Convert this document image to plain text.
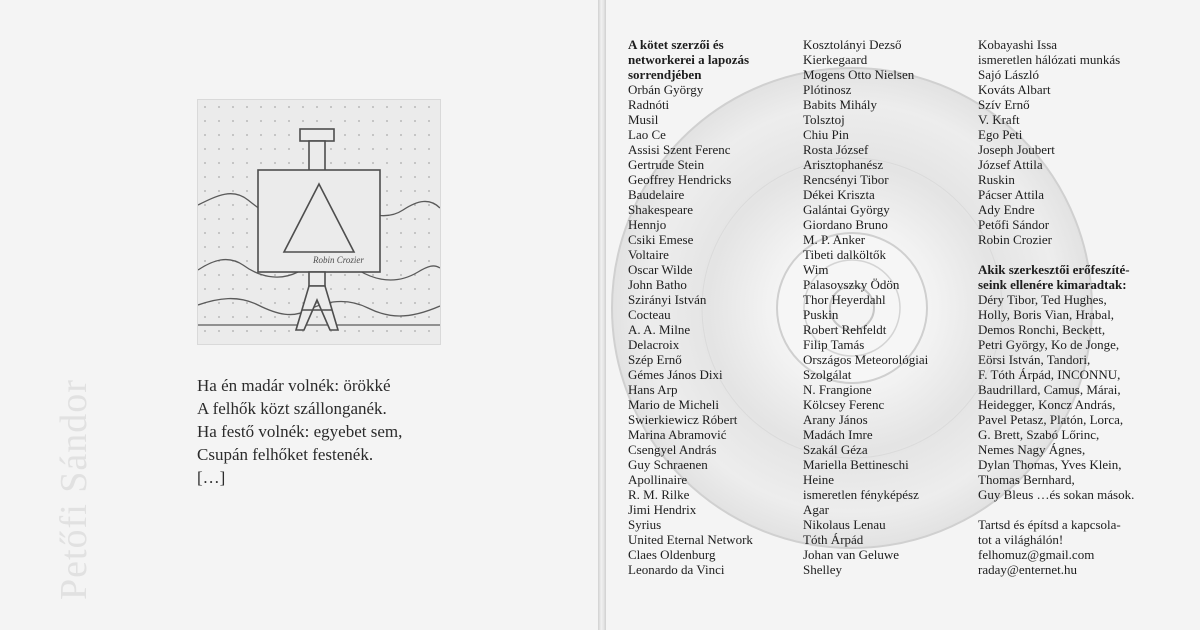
Petőfi Sándor
Robin Crozier
Ha én madár volnék: örökké
A felhők közt szállonganék.
Ha festő volnék: egyebet sem,
Csupán felhőket festenék.
[…]
A kötet szerzői és
networkerei a lapozás
sorrendjében
Orbán György
Radnóti
Musil
Lao Ce
Assisi Szent Ferenc
Gertrude Stein
Geoffrey Hendricks
Baudelaire
Shakespeare
Hennjo
Csiki Emese
Voltaire
Oscar Wilde
John Batho
Szirányi István
Cocteau
A. A. Milne
Delacroix
Szép Ernő
Gémes János Dixi
Hans Arp
Mario de Micheli
Swierkiewicz Róbert
Marina Abramović
Csengyel András
Guy Schraenen
Apollinaire
R. M. Rilke
Jimi Hendrix
Syrius
United Eternal Network
Claes Oldenburg
Leonardo da Vinci
Kosztolányi Dezső
Kierkegaard
Mogens Otto Nielsen
Plótinosz
Babits Mihály
Tolsztoj
Chiu Pin
Rosta József
Arisztophanész
Rencsényi Tibor
Dékei Kriszta
Galántai György
Giordano Bruno
M. P. Anker
Tibeti dalköltők
Wim
Palasovszky Ödön
Thor Heyerdahl
Puskin
Robert Rehfeldt
Filip Tamás
Országos Meteorológiai
Szolgálat
N. Frangione
Kölcsey Ferenc
Arany János
Madách Imre
Szakál Géza
Mariella Bettineschi
Heine
ismeretlen fényképész
Agar
Nikolaus Lenau
Tóth Árpád
Johan van Geluwe
Shelley
Kobayashi Issa
ismeretlen hálózati munkás
Sajó László
Kováts Albart
Szív Ernő
V. Kraft
Ego Peti
Joseph Joubert
József Attila
Ruskin
Pácser Attila
Ady Endre
Petőfi Sándor
Robin Crozier
Akik szerkesztői erőfeszíté-
seink ellenére kimaradtak:
Déry Tibor, Ted Hughes,
Holly, Boris Vian, Hrabal,
Demos Ronchi, Beckett,
Petri György, Ko de Jonge,
Eörsi István, Tandori,
F. Tóth Árpád, INCONNU,
Baudrillard, Camus, Márai,
Heidegger, Koncz András,
Pavel Petasz, Platón, Lorca,
G. Brett, Szabó Lőrinc,
Nemes Nagy Ágnes,
Dylan Thomas, Yves Klein,
Thomas Bernhard,
Guy Bleus …és sokan mások.
Tartsd és építsd a kapcsola-
tot a világhálón!
felhomuz@gmail.com
raday@enternet.hu
